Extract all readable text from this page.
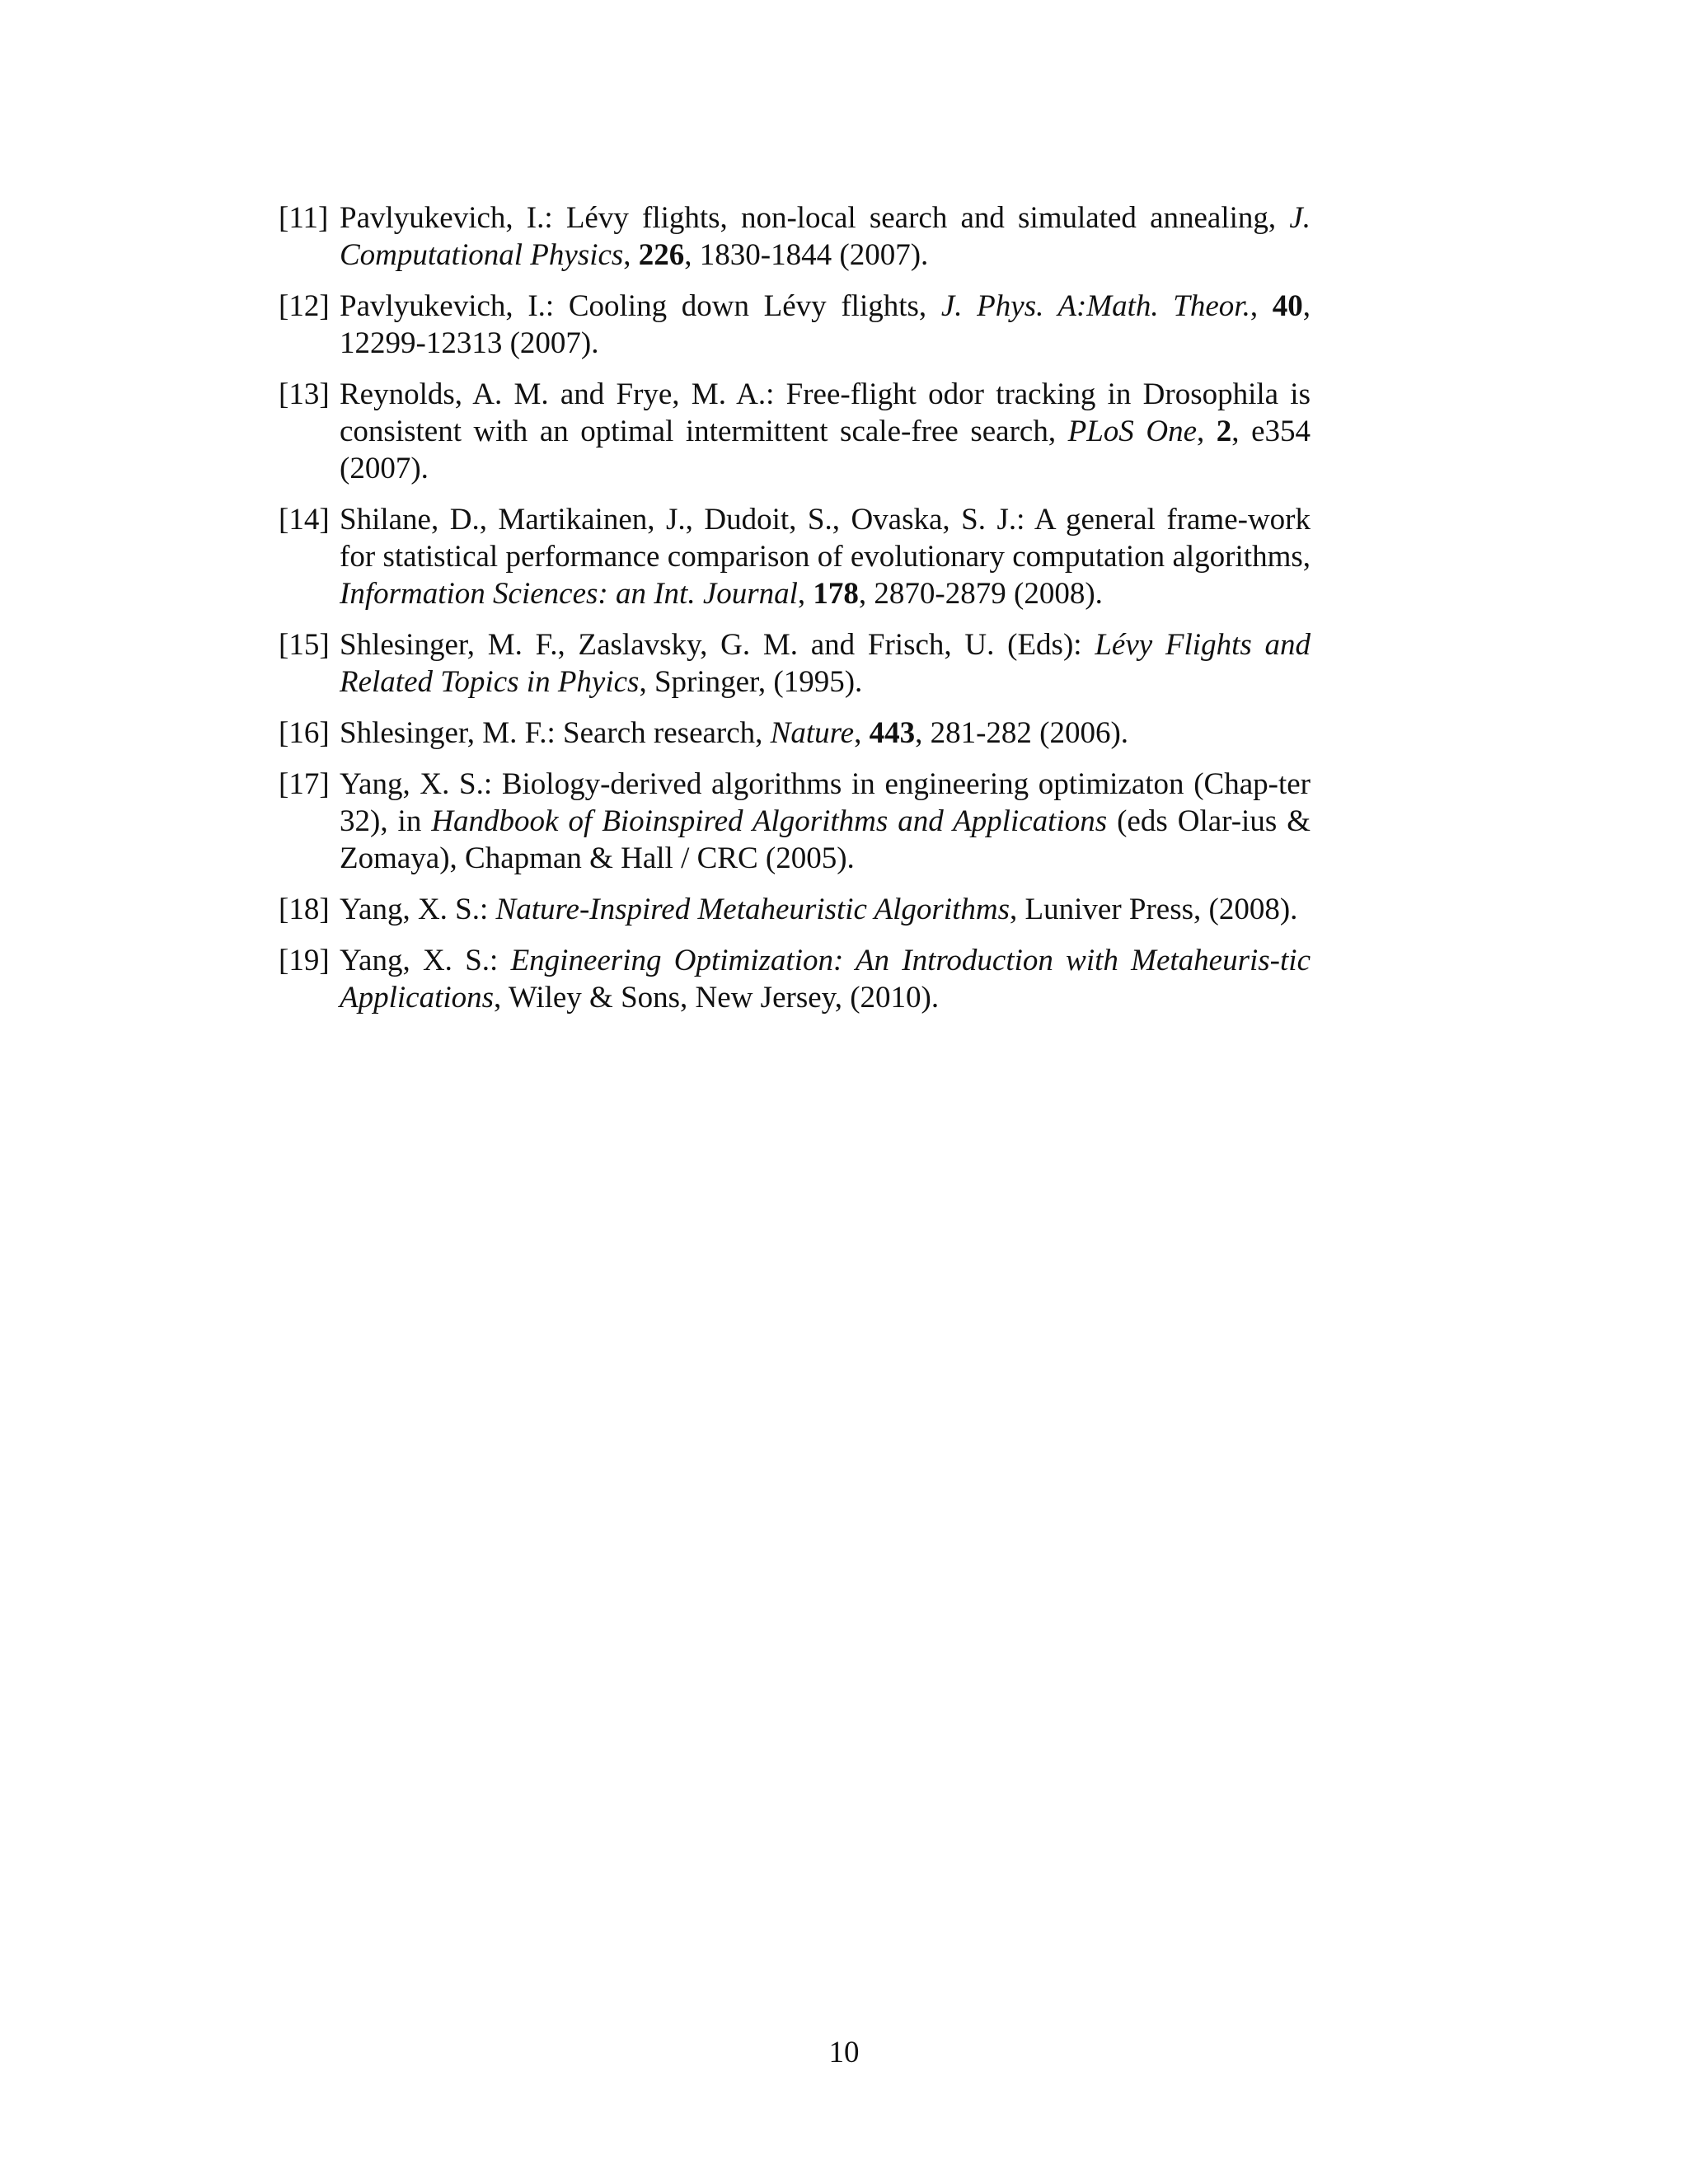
[11] Pavlyukevich, I.: Lévy flights, non-local search and simulated annealing, J. Computational Physics, 226, 1830-1844 (2007).
[12] Pavlyukevich, I.: Cooling down Lévy flights, J. Phys. A:Math. Theor., 40, 12299-12313 (2007).
[13] Reynolds, A. M. and Frye, M. A.: Free-flight odor tracking in Drosophila is consistent with an optimal intermittent scale-free search, PLoS One, 2, e354 (2007).
[14] Shilane, D., Martikainen, J., Dudoit, S., Ovaska, S. J.: A general frame-work for statistical performance comparison of evolutionary computation algorithms, Information Sciences: an Int. Journal, 178, 2870-2879 (2008).
[15] Shlesinger, M. F., Zaslavsky, G. M. and Frisch, U. (Eds): Lévy Flights and Related Topics in Phyics, Springer, (1995).
[16] Shlesinger, M. F.: Search research, Nature, 443, 281-282 (2006).
[17] Yang, X. S.: Biology-derived algorithms in engineering optimizaton (Chap-ter 32), in Handbook of Bioinspired Algorithms and Applications (eds Olar-ius & Zomaya), Chapman & Hall / CRC (2005).
[18] Yang, X. S.: Nature-Inspired Metaheuristic Algorithms, Luniver Press, (2008).
[19] Yang, X. S.: Engineering Optimization: An Introduction with Metaheuris-tic Applications, Wiley & Sons, New Jersey, (2010).
10
